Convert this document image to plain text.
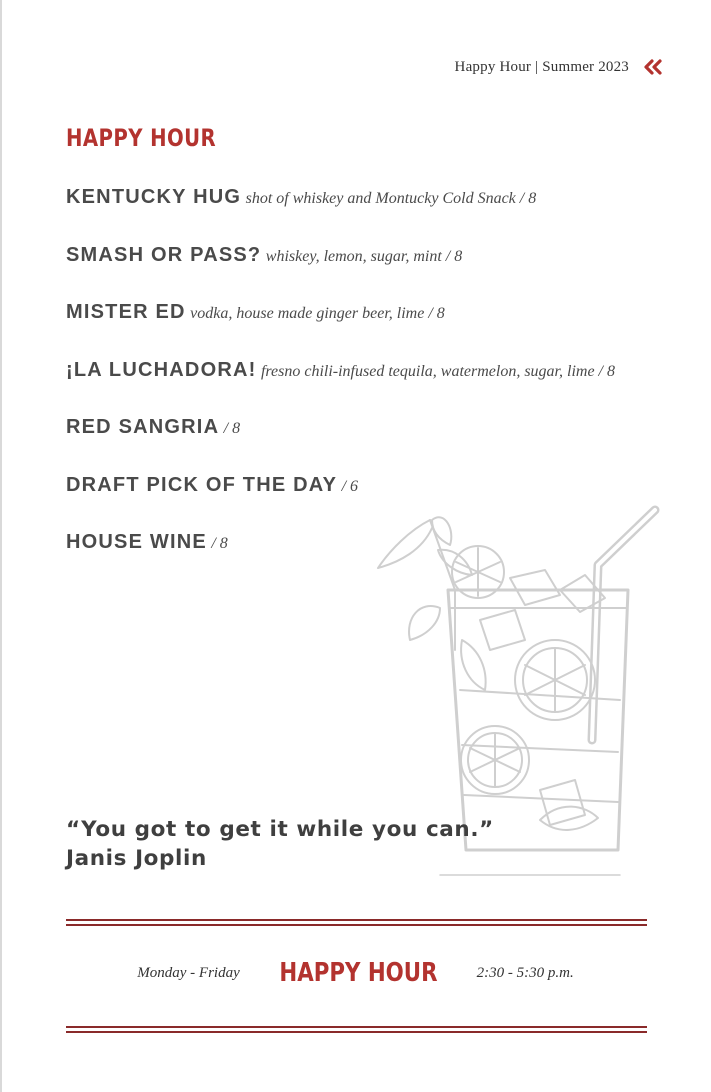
Happy Hour | Summer 2023
HAPPY HOUR
KENTUCKY HUG shot of whiskey and Montucky Cold Snack / 8
SMASH OR PASS? whiskey, lemon, sugar, mint / 8
MISTER ED vodka, house made ginger beer, lime / 8
¡LA LUCHADORA! fresno chili-infused tequila, watermelon, sugar, lime / 8
RED SANGRIA / 8
DRAFT PICK OF THE DAY / 6
HOUSE WINE / 8
“You got to get it while you can.”
Janis Joplin
Monday - Friday HAPPY HOUR	2:30 - 5:30 p.m.
